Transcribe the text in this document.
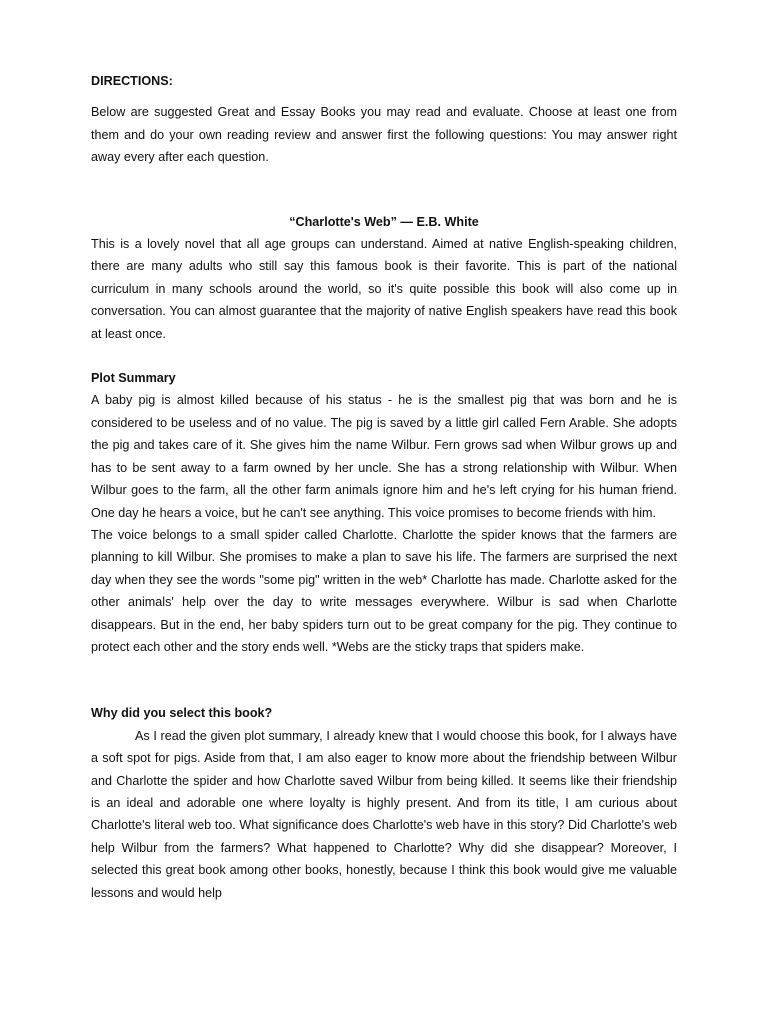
DIRECTIONS:

Below are suggested Great and Essay Books you may read and evaluate. Choose at least one from them and do your own reading review and answer first the following questions: You may answer right away every after each question.

“Charlotte's Web” — E.B. White

This is a lovely novel that all age groups can understand. Aimed at native English-speaking children, there are many adults who still say this famous book is their favorite. This is part of the national curriculum in many schools around the world, so it's quite possible this book will also come up in conversation. You can almost guarantee that the majority of native English speakers have read this book at least once.

Plot Summary

A baby pig is almost killed because of his status - he is the smallest pig that was born and he is considered to be useless and of no value. The pig is saved by a little girl called Fern Arable. She adopts the pig and takes care of it. She gives him the name Wilbur. Fern grows sad when Wilbur grows up and has to be sent away to a farm owned by her uncle. She has a strong relationship with Wilbur. When Wilbur goes to the farm, all the other farm animals ignore him and he's left crying for his human friend. One day he hears a voice, but he can't see anything. This voice promises to become friends with him.

The voice belongs to a small spider called Charlotte. Charlotte the spider knows that the farmers are planning to kill Wilbur. She promises to make a plan to save his life. The farmers are surprised the next day when they see the words "some pig" written in the web* Charlotte has made. Charlotte asked for the other animals' help over the day to write messages everywhere. Wilbur is sad when Charlotte disappears. But in the end, her baby spiders turn out to be great company for the pig. They continue to protect each other and the story ends well. *Webs are the sticky traps that spiders make.

Why did you select this book?

As I read the given plot summary, I already knew that I would choose this book, for I always have a soft spot for pigs. Aside from that, I am also eager to know more about the friendship between Wilbur and Charlotte the spider and how Charlotte saved Wilbur from being killed. It seems like their friendship is an ideal and adorable one where loyalty is highly present. And from its title, I am curious about Charlotte's literal web too. What significance does Charlotte's web have in this story? Did Charlotte's web help Wilbur from the farmers? What happened to Charlotte? Why did she disappear? Moreover, I selected this great book among other books, honestly, because I think this book would give me valuable lessons and would help
